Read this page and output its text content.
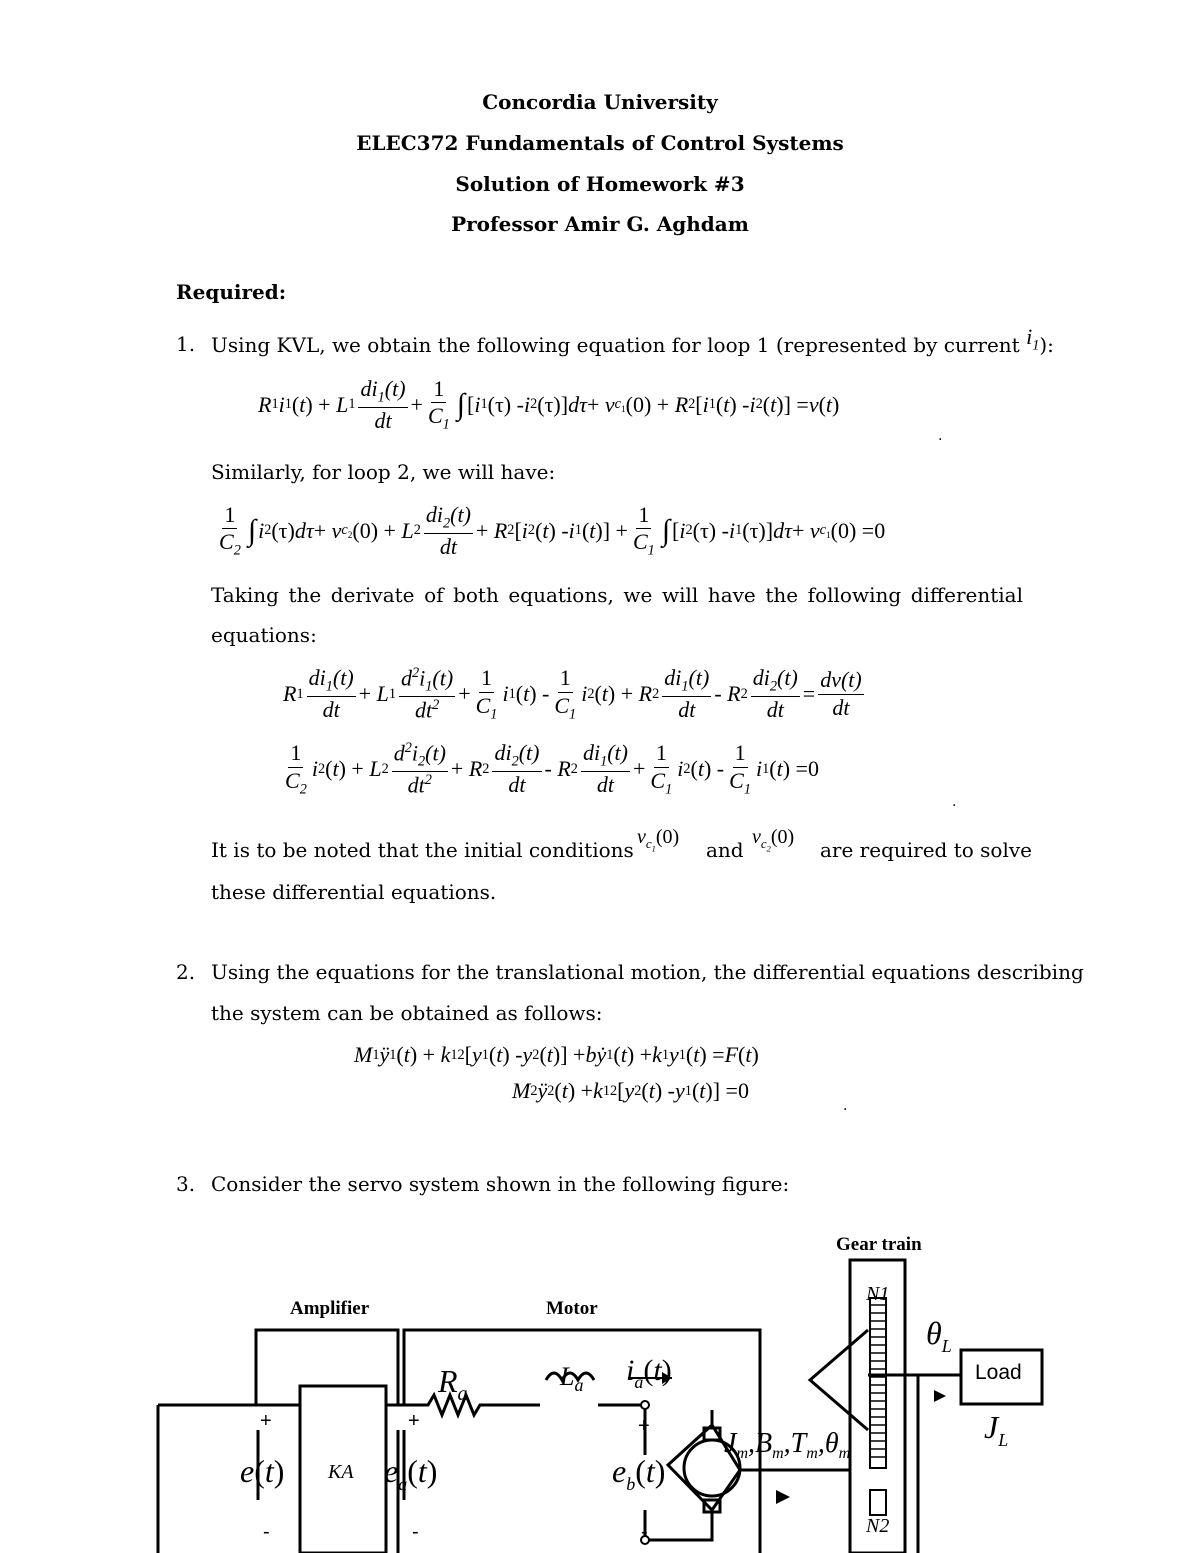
Concordia University
ELEC372 Fundamentals of Control Systems
Solution of Homework #3
Professor Amir G. Aghdam
Required:
1. Using KVL, we obtain the following equation for loop 1 (represented by current $i_1$):
R 1 i 1 ( t ) + L $1 \frac{di_1(t)}{dt} + \frac{1}{C_1}$ ∫ [ i 1 (τ) - i 2 (τ)] dτ + v $c_1$ (0) + R 2 [ i 1 ( t ) - i 2 ( t )] = v ( t )
.
Similarly, for loop 2, we will have:
$\frac{1}{C_2}$ ∫ i 2 (τ) dτ + v $c_2$ (0) + L $2 \frac{di_2(t)}{dt} + R$ 2 [ i 2 ( t ) - i 1 ( t )] + $\frac{1}{C_1}$ ∫ [ i 2 (τ) - i 1 (τ)] dτ + v $c_1$ (0) =0
Taking the derivate of both equations, we will have the following differential
equations:
R $1 \frac{di_1(t)}{dt} + L$ $1 \frac{d^2i_1(t)}{dt^2} + \frac{1}{C_1}$ i 1 ( t ) - $\frac{1}{C_1}$ i 2 ( t ) + R $2 \frac{di_1(t)}{dt}$ - R $2 \frac{di_2(t)}{dt} = \frac{dv(t)}{dt}$
$\frac{1}{C_2}$ i 2 ( t ) + L $2 \frac{d^2i_2(t)}{dt^2} + R$ $2 \frac{di_2(t)}{dt}$ - R $2 \frac{di_1(t)}{dt} + \frac{1}{C_1}$ i 2 ( t ) - $\frac{1}{C_1}$ i 1 ( t ) =0
.
It is to be noted that the initial conditions
$v_{c_1}(0)$
and
$v_{c_2}(0)$
are required to solve
these differential equations.
2. Using the equations for the translational motion, the differential equations describing
the system can be obtained as follows:
M 1 ÿ 1 ( t ) + k 12 [ y 1 ( t ) - y 2 ( t )] + b ẏ 1 ( t ) + k 1 y 1 ( t ) = F ( t )
M 2 ÿ 2 ( t ) + k 12 [ y 2 ( t ) - y 1 ( t )] =0
.
3. Consider the servo system shown in the following figure:
Gear train
Amplifier	Motor
N1
N2
Load
KA
+	+	+
-	-	-
$R_a$
$L_a$ $i_a(t)$
e(t)	$e_a(t)$	$e_b(t)$
$J_m,B_m,T_m,\theta_m$
$\theta_L$
$J_L$
